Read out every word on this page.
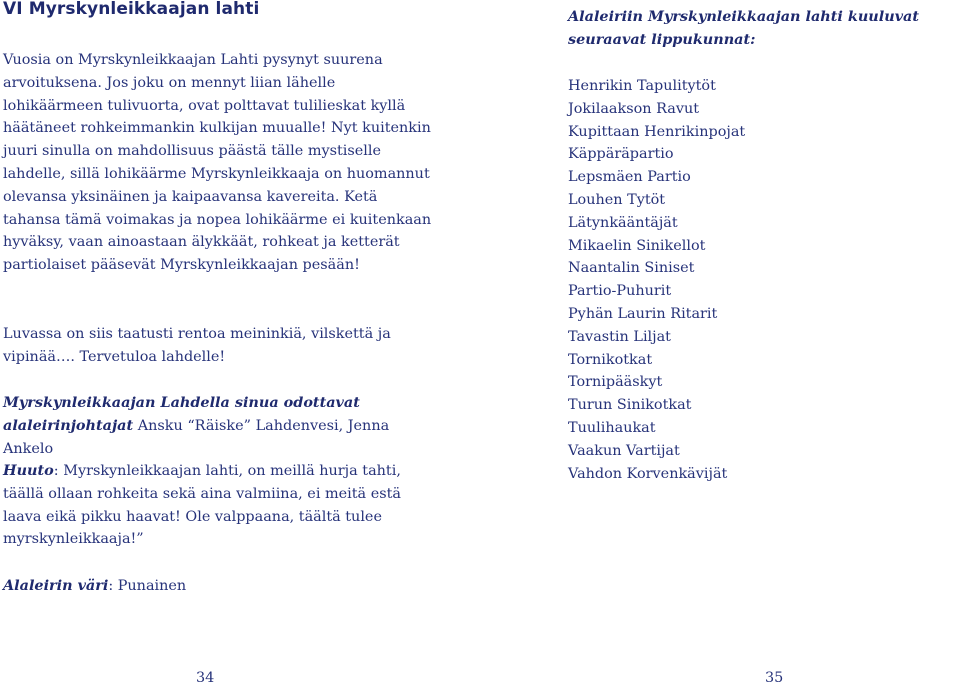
VI Myrskynleikkaajan lahti

Vuosia on Myrskynleikkaajan Lahti pysynyt suurena arvoituksena. Jos joku on mennyt liian lähelle lohikäärmeen tulivuorta, ovat polttavat tulilieskat kyllä häätäneet rohkeimmankin kulkijan muualle! Nyt kuitenkin juuri sinulla on mahdollisuus päästä tälle mystiselle lahdelle, sillä lohikäärme Myrskynleikkaaja on huomannut olevansa yksinäinen ja kaipaavansa kavereita. Ketä tahansa tämä voimakas ja nopea lohikäärme ei kuitenkaan hyväksy, vaan ainoastaan älykkäät, rohkeat ja ketterät partiolaiset pääsevät Myrskynleikkaajan pesään!

Luvassa on siis taatusti rentoa meininkiä, vilskettä ja vipinää…. Tervetuloa lahdelle!

Myrskynleikkaajan Lahdella sinua odottavat alaleirinjohtajat Ansku “Räiske” Lahdenvesi, Jenna Ankelo

Huuto: Myrskynleikkaajan lahti, on meillä hurja tahti, täällä ollaan rohkeita sekä aina valmiina, ei meitä estä laava eikä pikku haavat! Ole valppaana, täältä tulee myrskynleikkaaja!”

Alaleirin väri: Punainen

34

Alaleiriin Myrskynleikkaajan lahti kuuluvat seuraavat lippukunnat:

Henrikin Tapulitytöt
Jokilaakson Ravut
Kupittaan Henrikinpojat
Käppäräpartio
Lepsmäen Partio
Louhen Tytöt
Lätynkääntäjät
Mikaelin Sinikellot
Naantalin Siniset
Partio-Puhurit
Pyhän Laurin Ritarit
Tavastin Liljat
Tornikotkat
Tornipääskyt
Turun Sinikotkat
Tuulihaukat
Vaakun Vartijat
Vahdon Korvenkävijät
35
